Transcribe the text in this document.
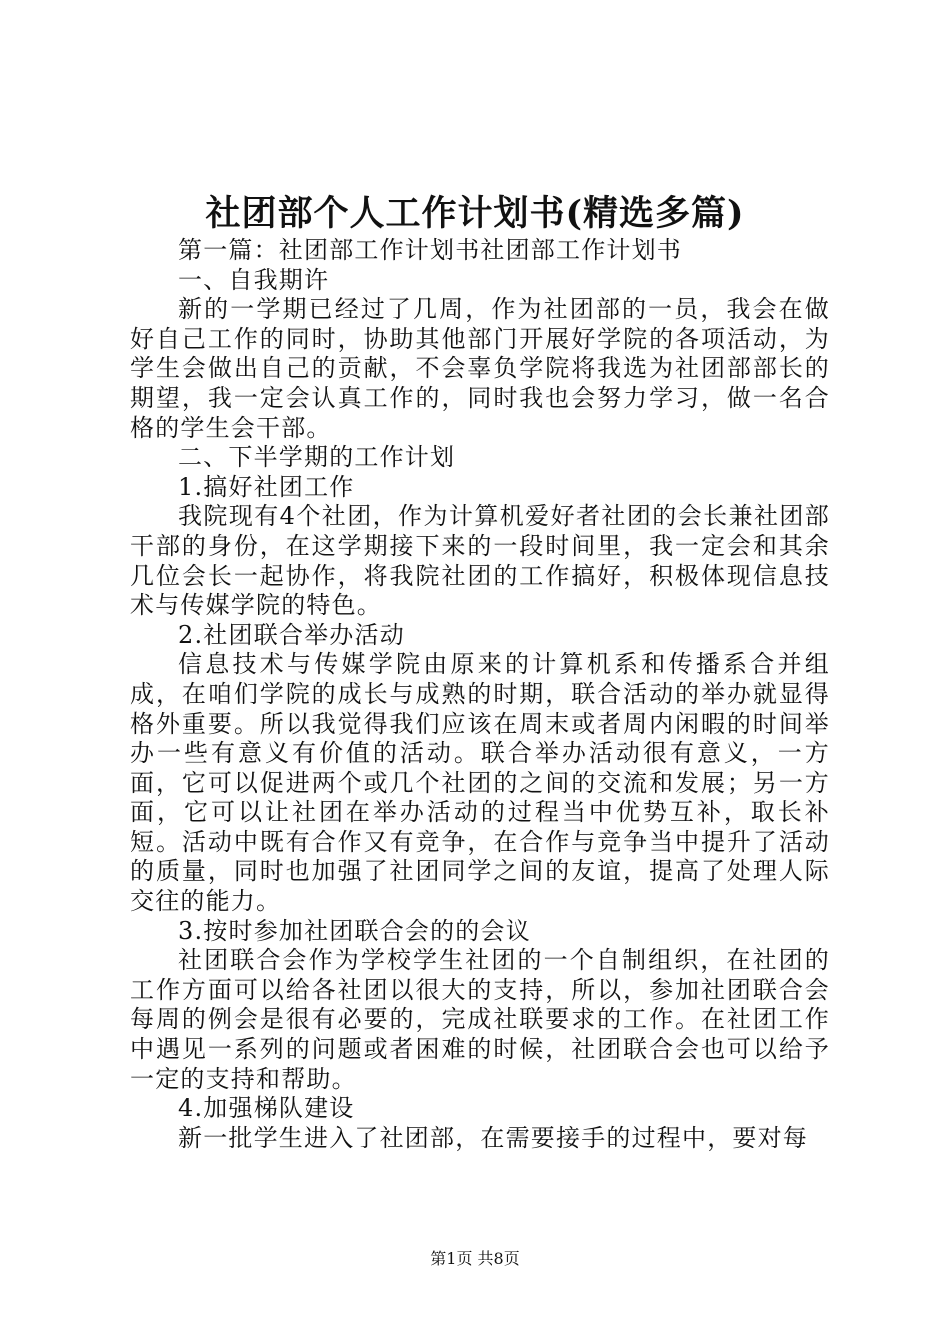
社团部个人工作计划书(精选多篇)

第一篇：社团部工作计划书社团部工作计划书

一、自我期许

新的一学期已经过了几周，作为社团部的一员，我会在做好自己工作的同时，协助其他部门开展好学院的各项活动，为学生会做出自己的贡献，不会辜负学院将我选为社团部部长的期望，我一定会认真工作的，同时我也会努力学习，做一名合格的学生会干部。

二、下半学期的工作计划

1.搞好社团工作

我院现有4个社团，作为计算机爱好者社团的会长兼社团部干部的身份，在这学期接下来的一段时间里，我一定会和其余几位会长一起协作，将我院社团的工作搞好，积极体现信息技术与传媒学院的特色。

2.社团联合举办活动

信息技术与传媒学院由原来的计算机系和传播系合并组成，在咱们学院的成长与成熟的时期，联合活动的举办就显得格外重要。所以我觉得我们应该在周末或者周内闲暇的时间举办一些有意义有价值的活动。联合举办活动很有意义，一方面，它可以促进两个或几个社团的之间的交流和发展；另一方面，它可以让社团在举办活动的过程当中优势互补，取长补短。活动中既有合作又有竞争，在合作与竞争当中提升了活动的质量，同时也加强了社团同学之间的友谊，提高了处理人际交往的能力。

3.按时参加社团联合会的的会议

社团联合会作为学校学生社团的一个自制组织，在社团的工作方面可以给各社团以很大的支持，所以，参加社团联合会每周的例会是很有必要的，完成社联要求的工作。在社团工作中遇见一系列的问题或者困难的时候，社团联合会也可以给予一定的支持和帮助。

4.加强梯队建设

新一批学生进入了社团部，在需要接手的过程中，要对每

第1页 共8页
